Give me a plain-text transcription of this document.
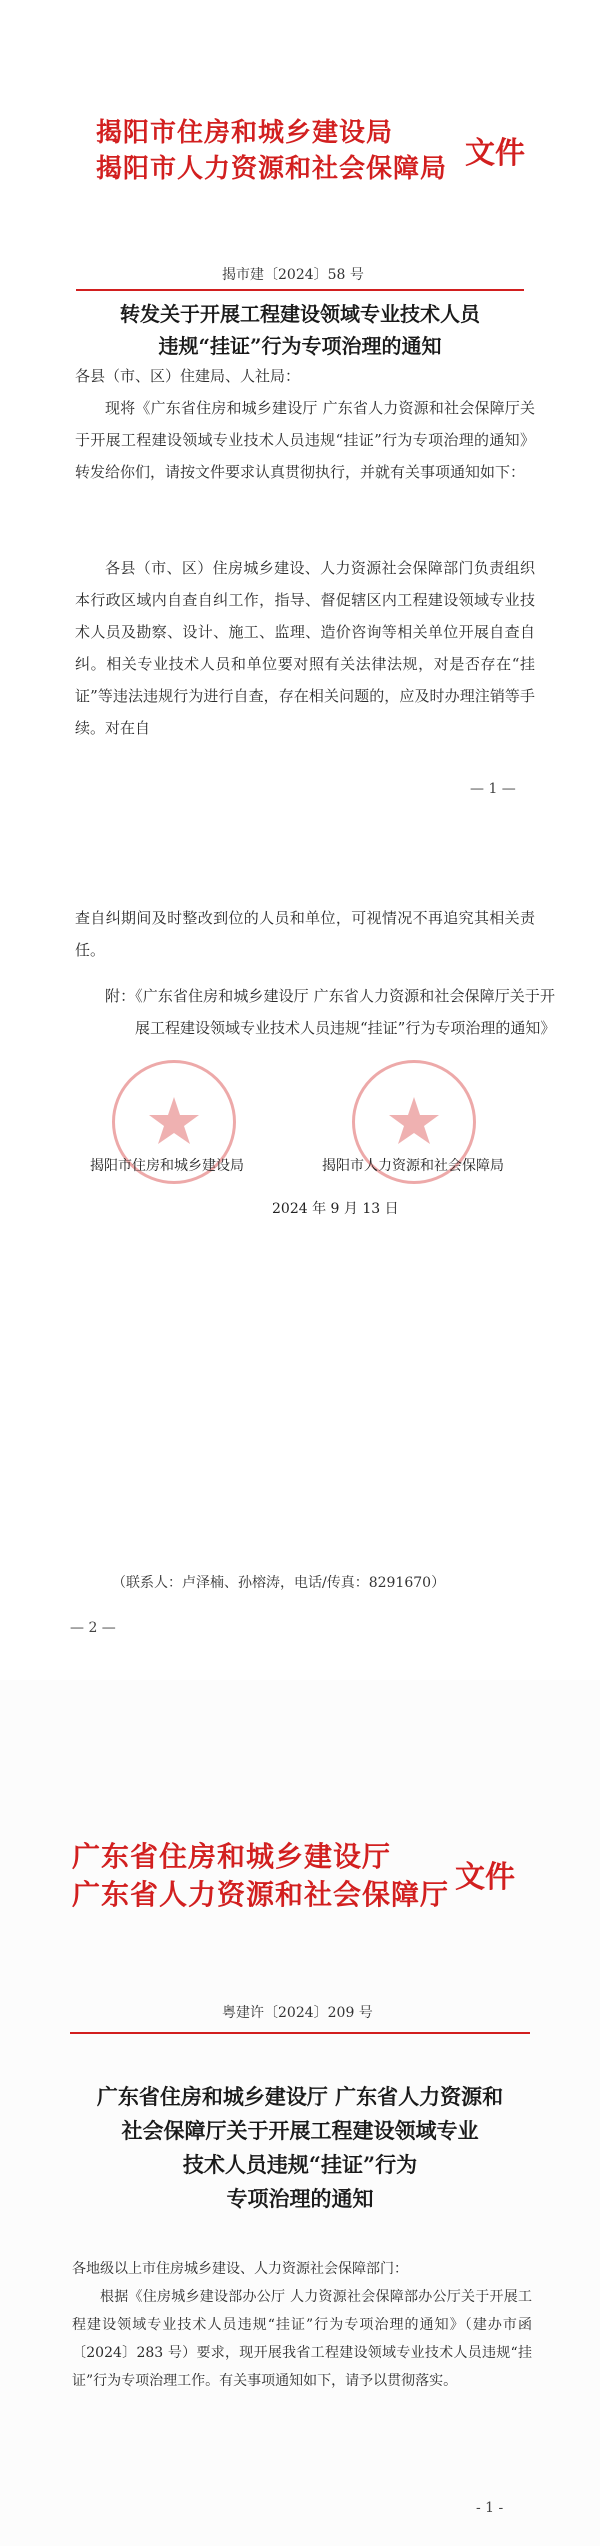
揭阳市住房和城乡建设局
揭阳市人力资源和社会保障局 文件
揭市建〔2024〕58 号
转发关于开展工程建设领域专业技术人员
违规“挂证”行为专项治理的通知
各县（市、区）住建局、人社局：
现将《广东省住房和城乡建设厅 广东省人力资源和社会保障厅关于开展工程建设领域专业技术人员违规“挂证”行为专项治理的通知》转发给你们，请按文件要求认真贯彻执行，并就有关事项通知如下：
各县（市、区）住房城乡建设、人力资源社会保障部门负责组织本行政区域内自查自纠工作，指导、督促辖区内工程建设领域专业技术人员及勘察、设计、施工、监理、造价咨询等相关单位开展自查自纠。相关专业技术人员和单位要对照有关法律法规，对是否存在“挂证”等违法违规行为进行自查，存在相关问题的，应及时办理注销等手续。对在自
— 1 —
查自纠期间及时整改到位的人员和单位，可视情况不再追究其相关责任。
附：《广东省住房和城乡建设厅 广东省人力资源和社会保障厅关于开展工程建设领域专业技术人员违规“挂证”行为专项治理的通知》
揭阳市住房和城乡建设局	揭阳市人力资源和社会保障局
2024 年 9 月 13 日
（联系人：卢泽楠、孙榕涛，电话/传真：8291670）
— 2 —
广东省住房和城乡建设厅
广东省人力资源和社会保障厅 文件
粤建许〔2024〕209 号
广东省住房和城乡建设厅 广东省人力资源和
社会保障厅关于开展工程建设领域专业
技术人员违规“挂证”行为
专项治理的通知
各地级以上市住房城乡建设、人力资源社会保障部门：
根据《住房城乡建设部办公厅 人力资源社会保障部办公厅关于开展工程建设领域专业技术人员违规“挂证”行为专项治理的通知》（建办市函〔2024〕283 号）要求，现开展我省工程建设领域专业技术人员违规“挂证”行为专项治理工作。有关事项通知如下，请予以贯彻落实。
- 1 -
